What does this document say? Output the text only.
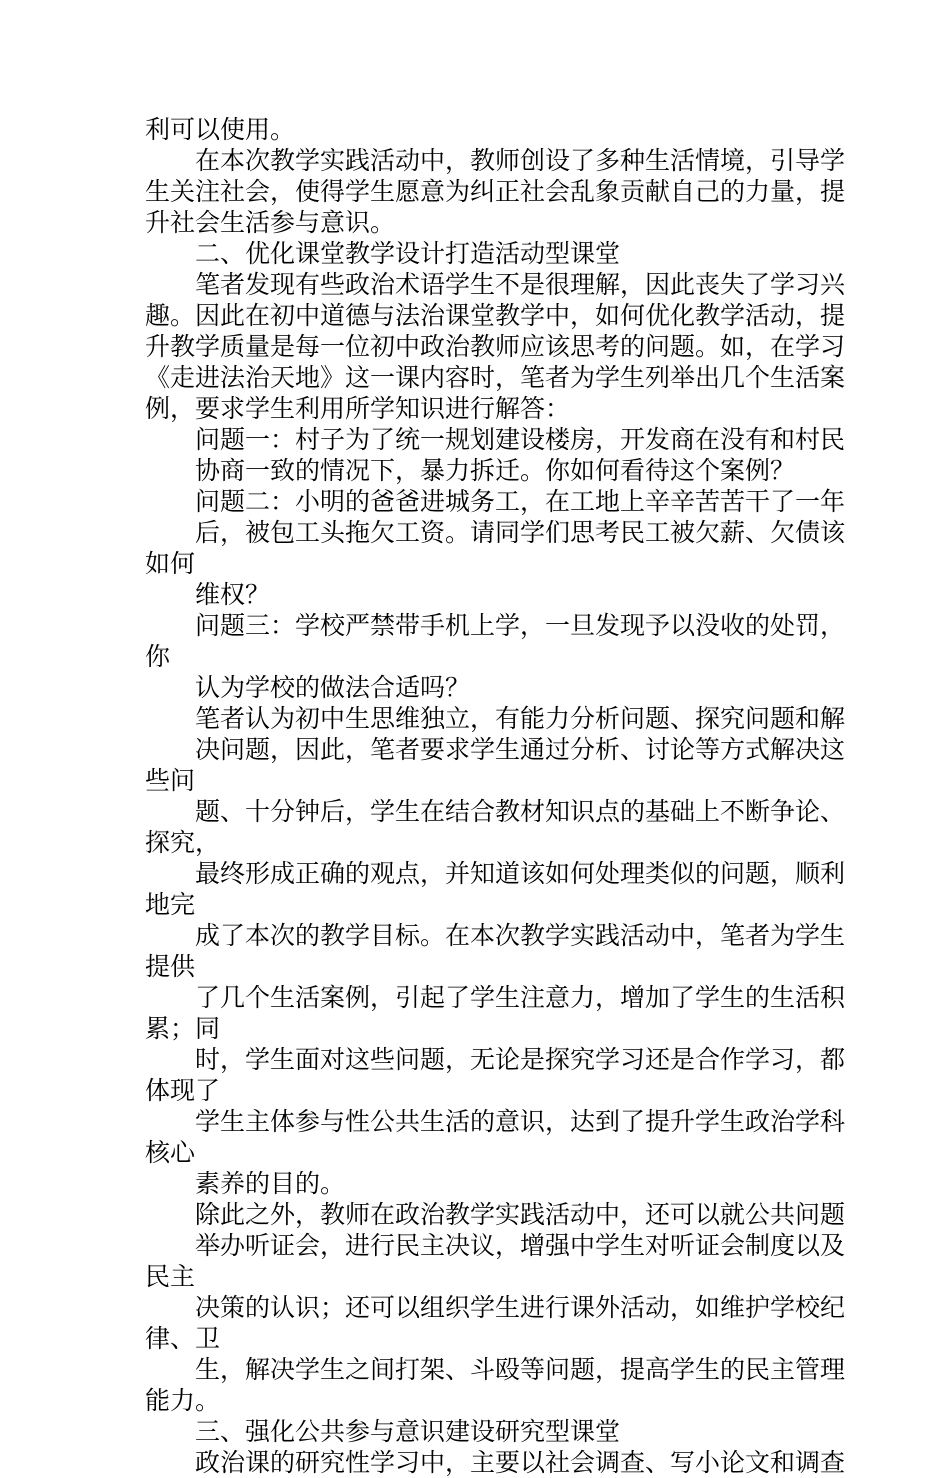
利可以使用。
在本次教学实践活动中，教师创设了多种生活情境，引导学
生关注社会，使得学生愿意为纠正社会乱象贡献自己的力量，提
升社会生活参与意识。
二、优化课堂教学设计打造活动型课堂
笔者发现有些政治术语学生不是很理解，因此丧失了学习兴
趣。因此在初中道德与法治课堂教学中，如何优化教学活动，提
升教学质量是每一位初中政治教师应该思考的问题。如，在学习
《走进法治天地》这一课内容时，笔者为学生列举出几个生活案
例，要求学生利用所学知识进行解答：
问题一：村子为了统一规划建设楼房，开发商在没有和村民
协商一致的情况下，暴力拆迁。你如何看待这个案例？
问题二：小明的爸爸进城务工，在工地上辛辛苦苦干了一年
后，被包工头拖欠工资。请同学们思考民工被欠薪、欠债该
如何
维权？
问题三：学校严禁带手机上学，一旦发现予以没收的处罚，
你
认为学校的做法合适吗？
笔者认为初中生思维独立，有能力分析问题、探究问题和解
决问题，因此，笔者要求学生通过分析、讨论等方式解决这
些问
题、十分钟后，学生在结合教材知识点的基础上不断争论、
探究，
最终形成正确的观点，并知道该如何处理类似的问题，顺利
地完
成了本次的教学目标。在本次教学实践活动中，笔者为学生
提供
了几个生活案例，引起了学生注意力，增加了学生的生活积
累；同
时，学生面对这些问题，无论是探究学习还是合作学习，都
体现了
学生主体参与性公共生活的意识，达到了提升学生政治学科
核心
素养的目的。
除此之外，教师在政治教学实践活动中，还可以就公共问题
举办听证会，进行民主决议，增强中学生对听证会制度以及
民主
决策的认识；还可以组织学生进行课外活动，如维护学校纪
律、卫
生，解决学生之间打架、斗殴等问题，提高学生的民主管理
能力。
三、强化公共参与意识建设研究型课堂
政治课的研究性学习中，主要以社会调查、写小论文和调查
